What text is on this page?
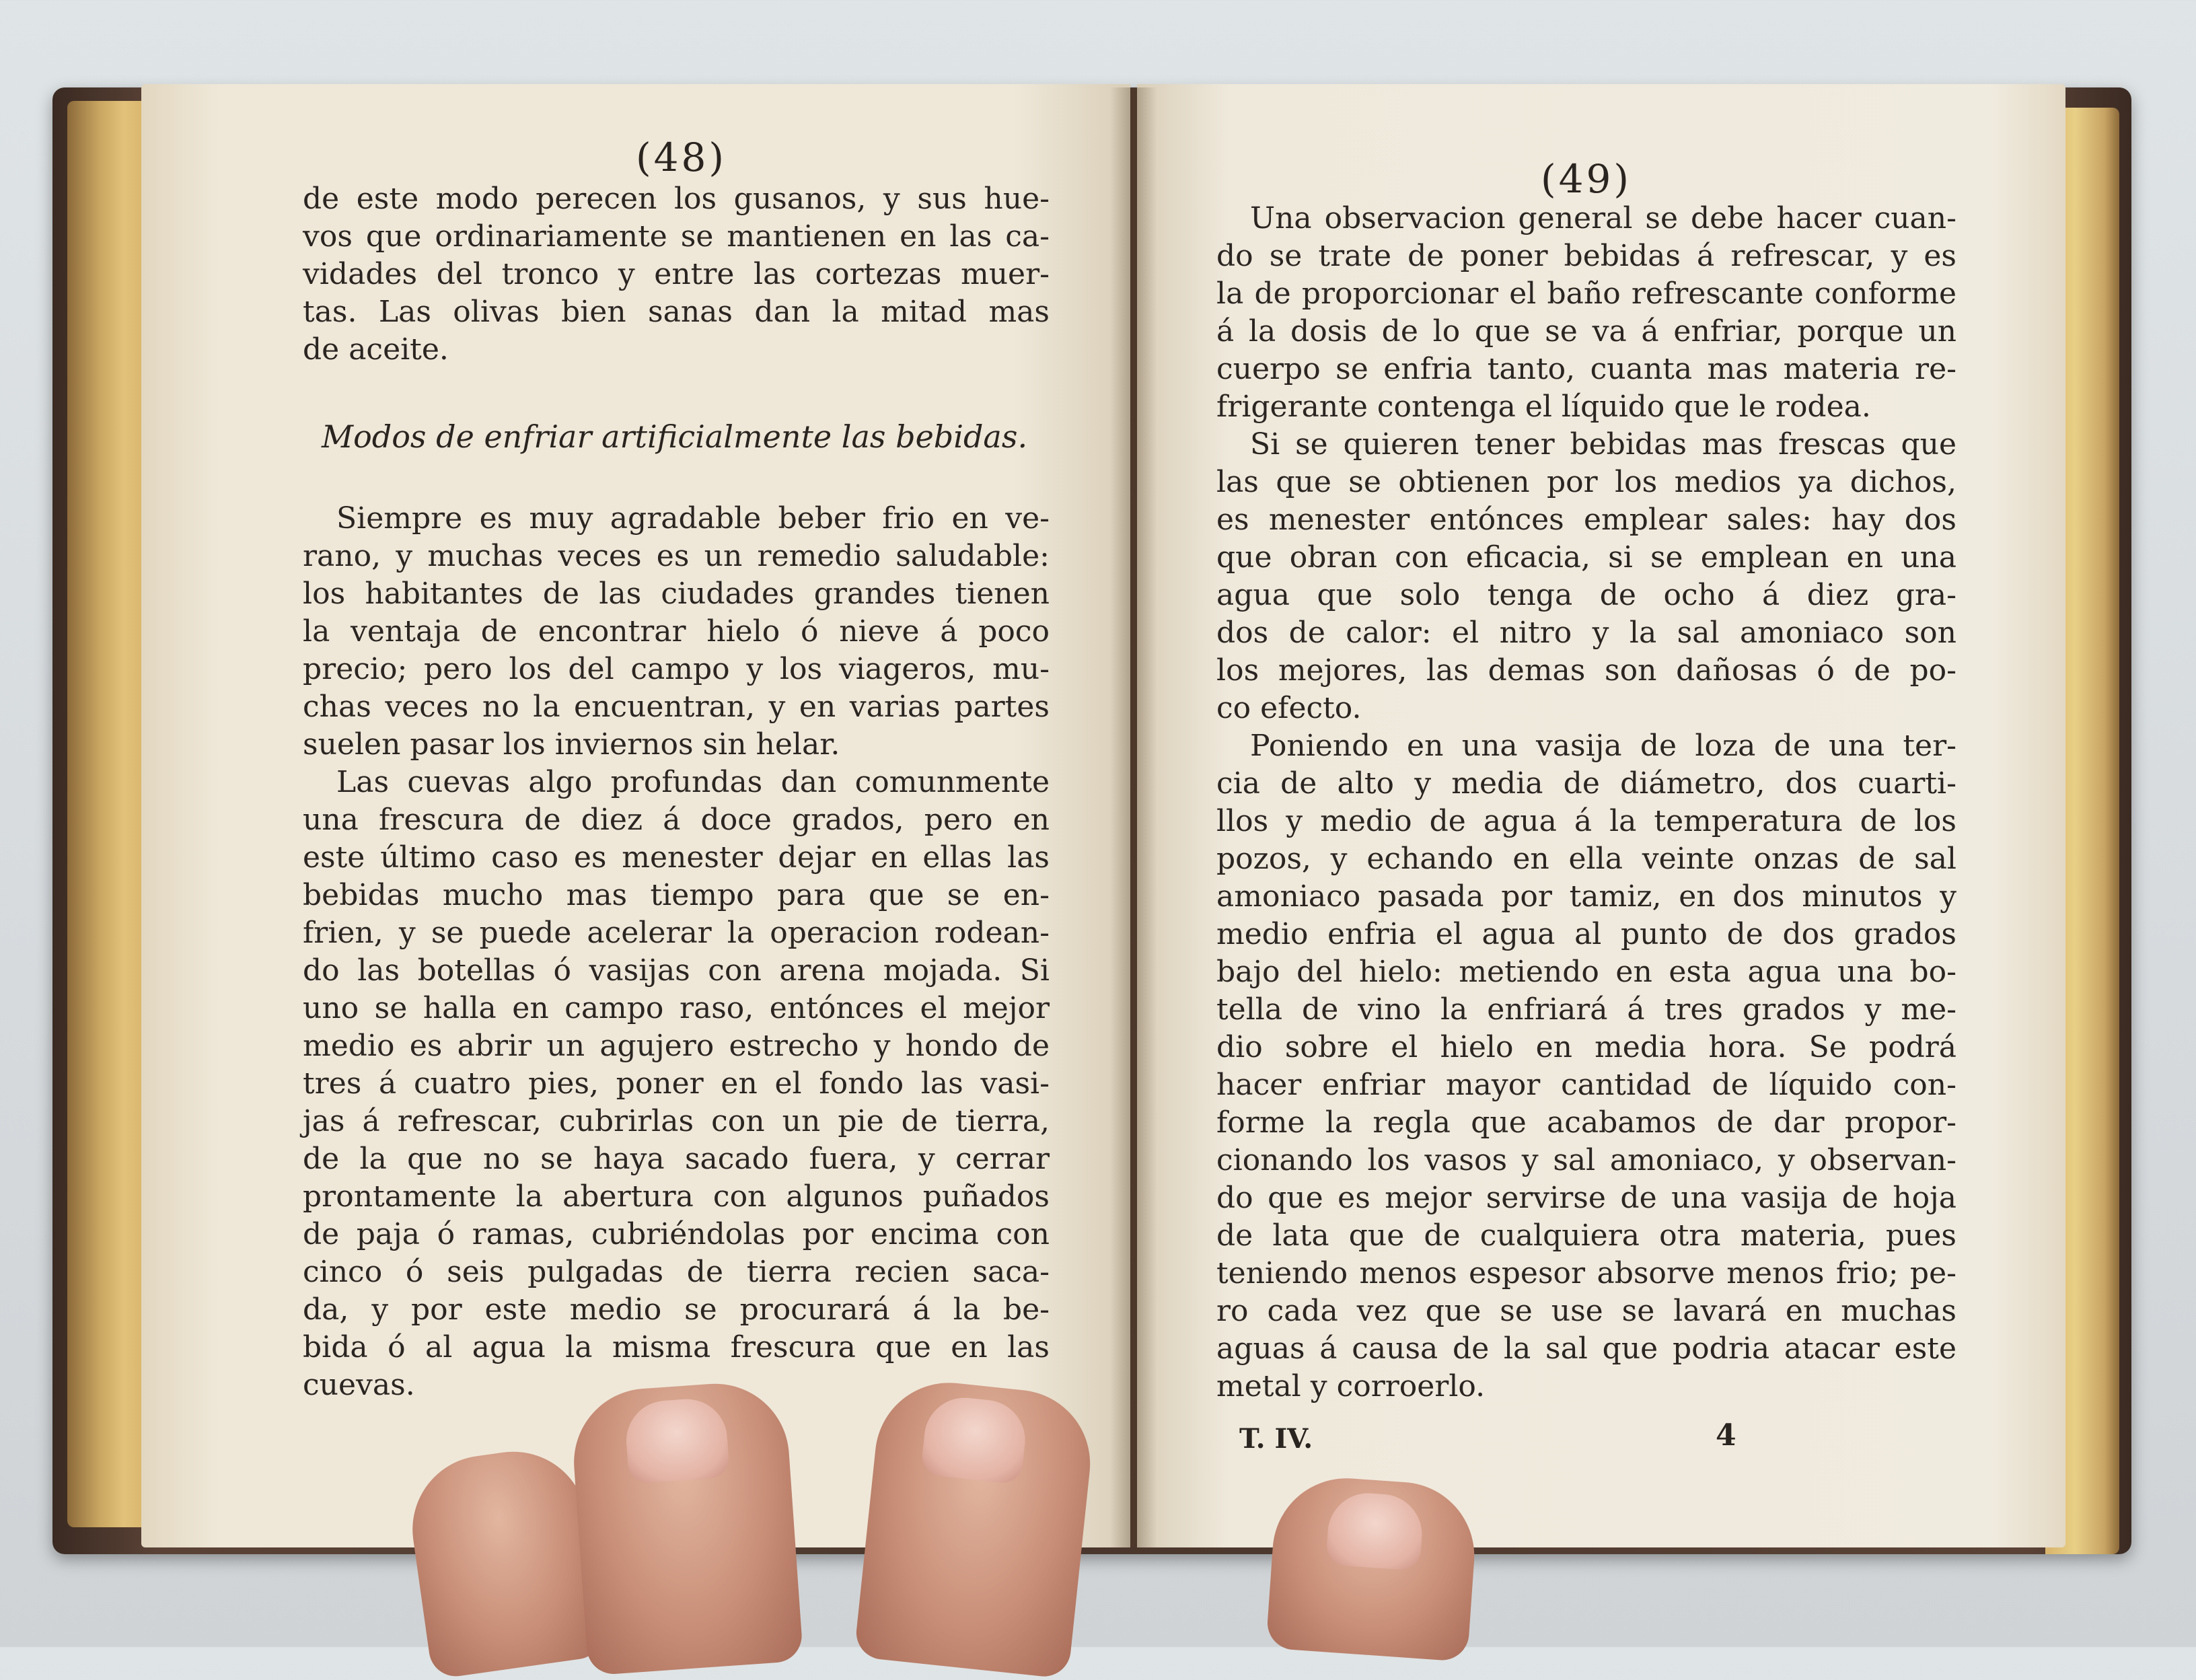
(48)
de este modo perecen los gusanos, y sus hue-
vos que ordinariamente se mantienen en las ca-
vidades del tronco y entre las cortezas muer-
tas. Las olivas bien sanas dan la mitad mas
de aceite.
Modos de enfriar artificialmente las bebidas.
Siempre es muy agradable beber frio en ve-
rano, y muchas veces es un remedio saludable:
los habitantes de las ciudades grandes tienen
la ventaja de encontrar hielo ó nieve á poco
precio; pero los del campo y los viageros, mu-
chas veces no la encuentran, y en varias partes
suelen pasar los inviernos sin helar.
Las cuevas algo profundas dan comunmente
una frescura de diez á doce grados, pero en
este último caso es menester dejar en ellas las
bebidas mucho mas tiempo para que se en-
frien, y se puede acelerar la operacion rodean-
do las botellas ó vasijas con arena mojada. Si
uno se halla en campo raso, entónces el mejor
medio es abrir un agujero estrecho y hondo de
tres á cuatro pies, poner en el fondo las vasi-
jas á refrescar, cubrirlas con un pie de tierra,
de la que no se haya sacado fuera, y cerrar
prontamente la abertura con algunos puñados
de paja ó ramas, cubriéndolas por encima con
cinco ó seis pulgadas de tierra recien saca-
da, y por este medio se procurará á la be-
bida ó al agua la misma frescura que en las
cuevas.
(49)
Una observacion general se debe hacer cuan-
do se trate de poner bebidas á refrescar, y es
la de proporcionar el baño refrescante conforme
á la dosis de lo que se va á enfriar, porque un
cuerpo se enfria tanto, cuanta mas materia re-
frigerante contenga el líquido que le rodea.
Si se quieren tener bebidas mas frescas que
las que se obtienen por los medios ya dichos,
es menester entónces emplear sales: hay dos
que obran con eficacia, si se emplean en una
agua que solo tenga de ocho á diez gra-
dos de calor: el nitro y la sal amoniaco son
los mejores, las demas son dañosas ó de po-
co efecto.
Poniendo en una vasija de loza de una ter-
cia de alto y media de diámetro, dos cuarti-
llos y medio de agua á la temperatura de los
pozos, y echando en ella veinte onzas de sal
amoniaco pasada por tamiz, en dos minutos y
medio enfria el agua al punto de dos grados
bajo del hielo: metiendo en esta agua una bo-
tella de vino la enfriará á tres grados y me-
dio sobre el hielo en media hora. Se podrá
hacer enfriar mayor cantidad de líquido con-
forme la regla que acabamos de dar propor-
cionando los vasos y sal amoniaco, y observan-
do que es mejor servirse de una vasija de hoja
de lata que de cualquiera otra materia, pues
teniendo menos espesor absorve menos frio; pe-
ro cada vez que se use se lavará en muchas
aguas á causa de la sal que podria atacar este
metal y corroerlo.
T. IV.	4
